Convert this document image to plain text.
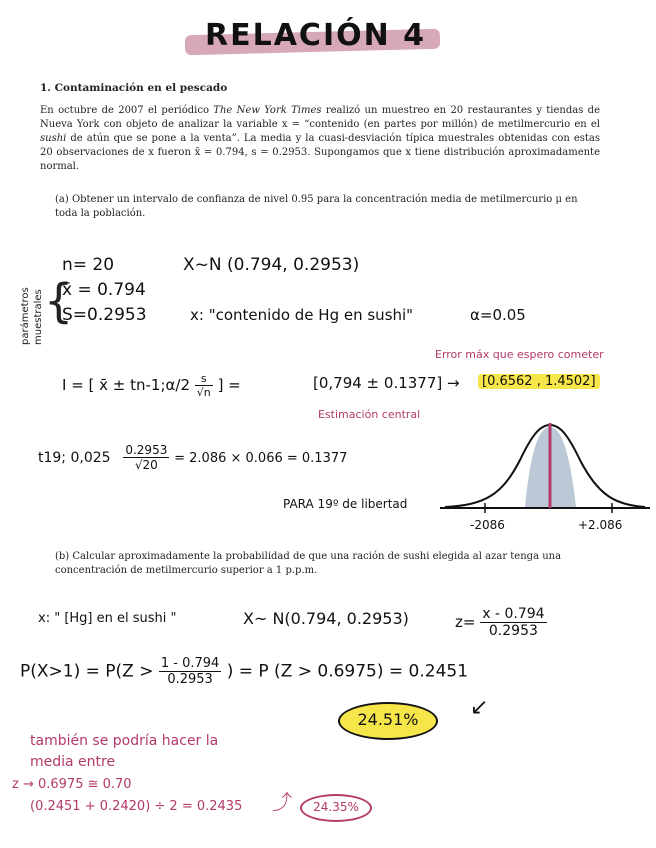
RELACIÓN 4
1. Contaminación en el pescado
En octubre de 2007 el periódico The New York Times realizó un muestreo en 20 restaurantes y tiendas de Nueva York con objeto de analizar la variable x = “contenido (en partes por millón) de metilmercurio en el sushi de atún que se pone a la venta”. La media y la cuasi-desviación típica muestrales obtenidas con estas 20 observaciones de x fueron x̄ = 0.794, s = 0.2953. Supongamos que x tiene distribución aproximadamente normal.
(a) Obtener un intervalo de confianza de nivel 0.95 para la concentración media de metilmercurio μ en toda la población.
parámetros muestrales {
n= 20	X~N (0.794, 0.2953)
x̄ = 0.794
S=0.2953	x: "contenido de Hg en sushi"	α=0.05
Error máx que espero cometer
I = [ x̄ ± tn-1;α/2 $\frac{s}{√n}$ ] =	[0,794 ± 0.1377] →	[0.6562 , 1.4502]
Estimación central
t19; $0,025 \frac{0.2953}{√20} = 2.086 \times 0.066 = 0.1377$
PARA 19º de libertad
-2086	+2.086
(b) Calcular aproximadamente la probabilidad de que una ración de sushi elegida al azar tenga una concentración de metilmercurio superior a 1 p.p.m.
x: " [Hg] en el sushi "	X~ N(0.794, 0.2953)	$z= \frac{x - 0.794}{0.2953}$
$P(X>1) = P(Z > \frac{1 - 0.794}{0.2953}$ ) = P (Z > 0.6975) = 0.2451
24.51%	↙
también se podría hacer la
media entre
z → 0.6975 ≅ 0.70
(0.2451 + 0.2420) ÷ 2 = 0.2435 ⤴	24.35%
